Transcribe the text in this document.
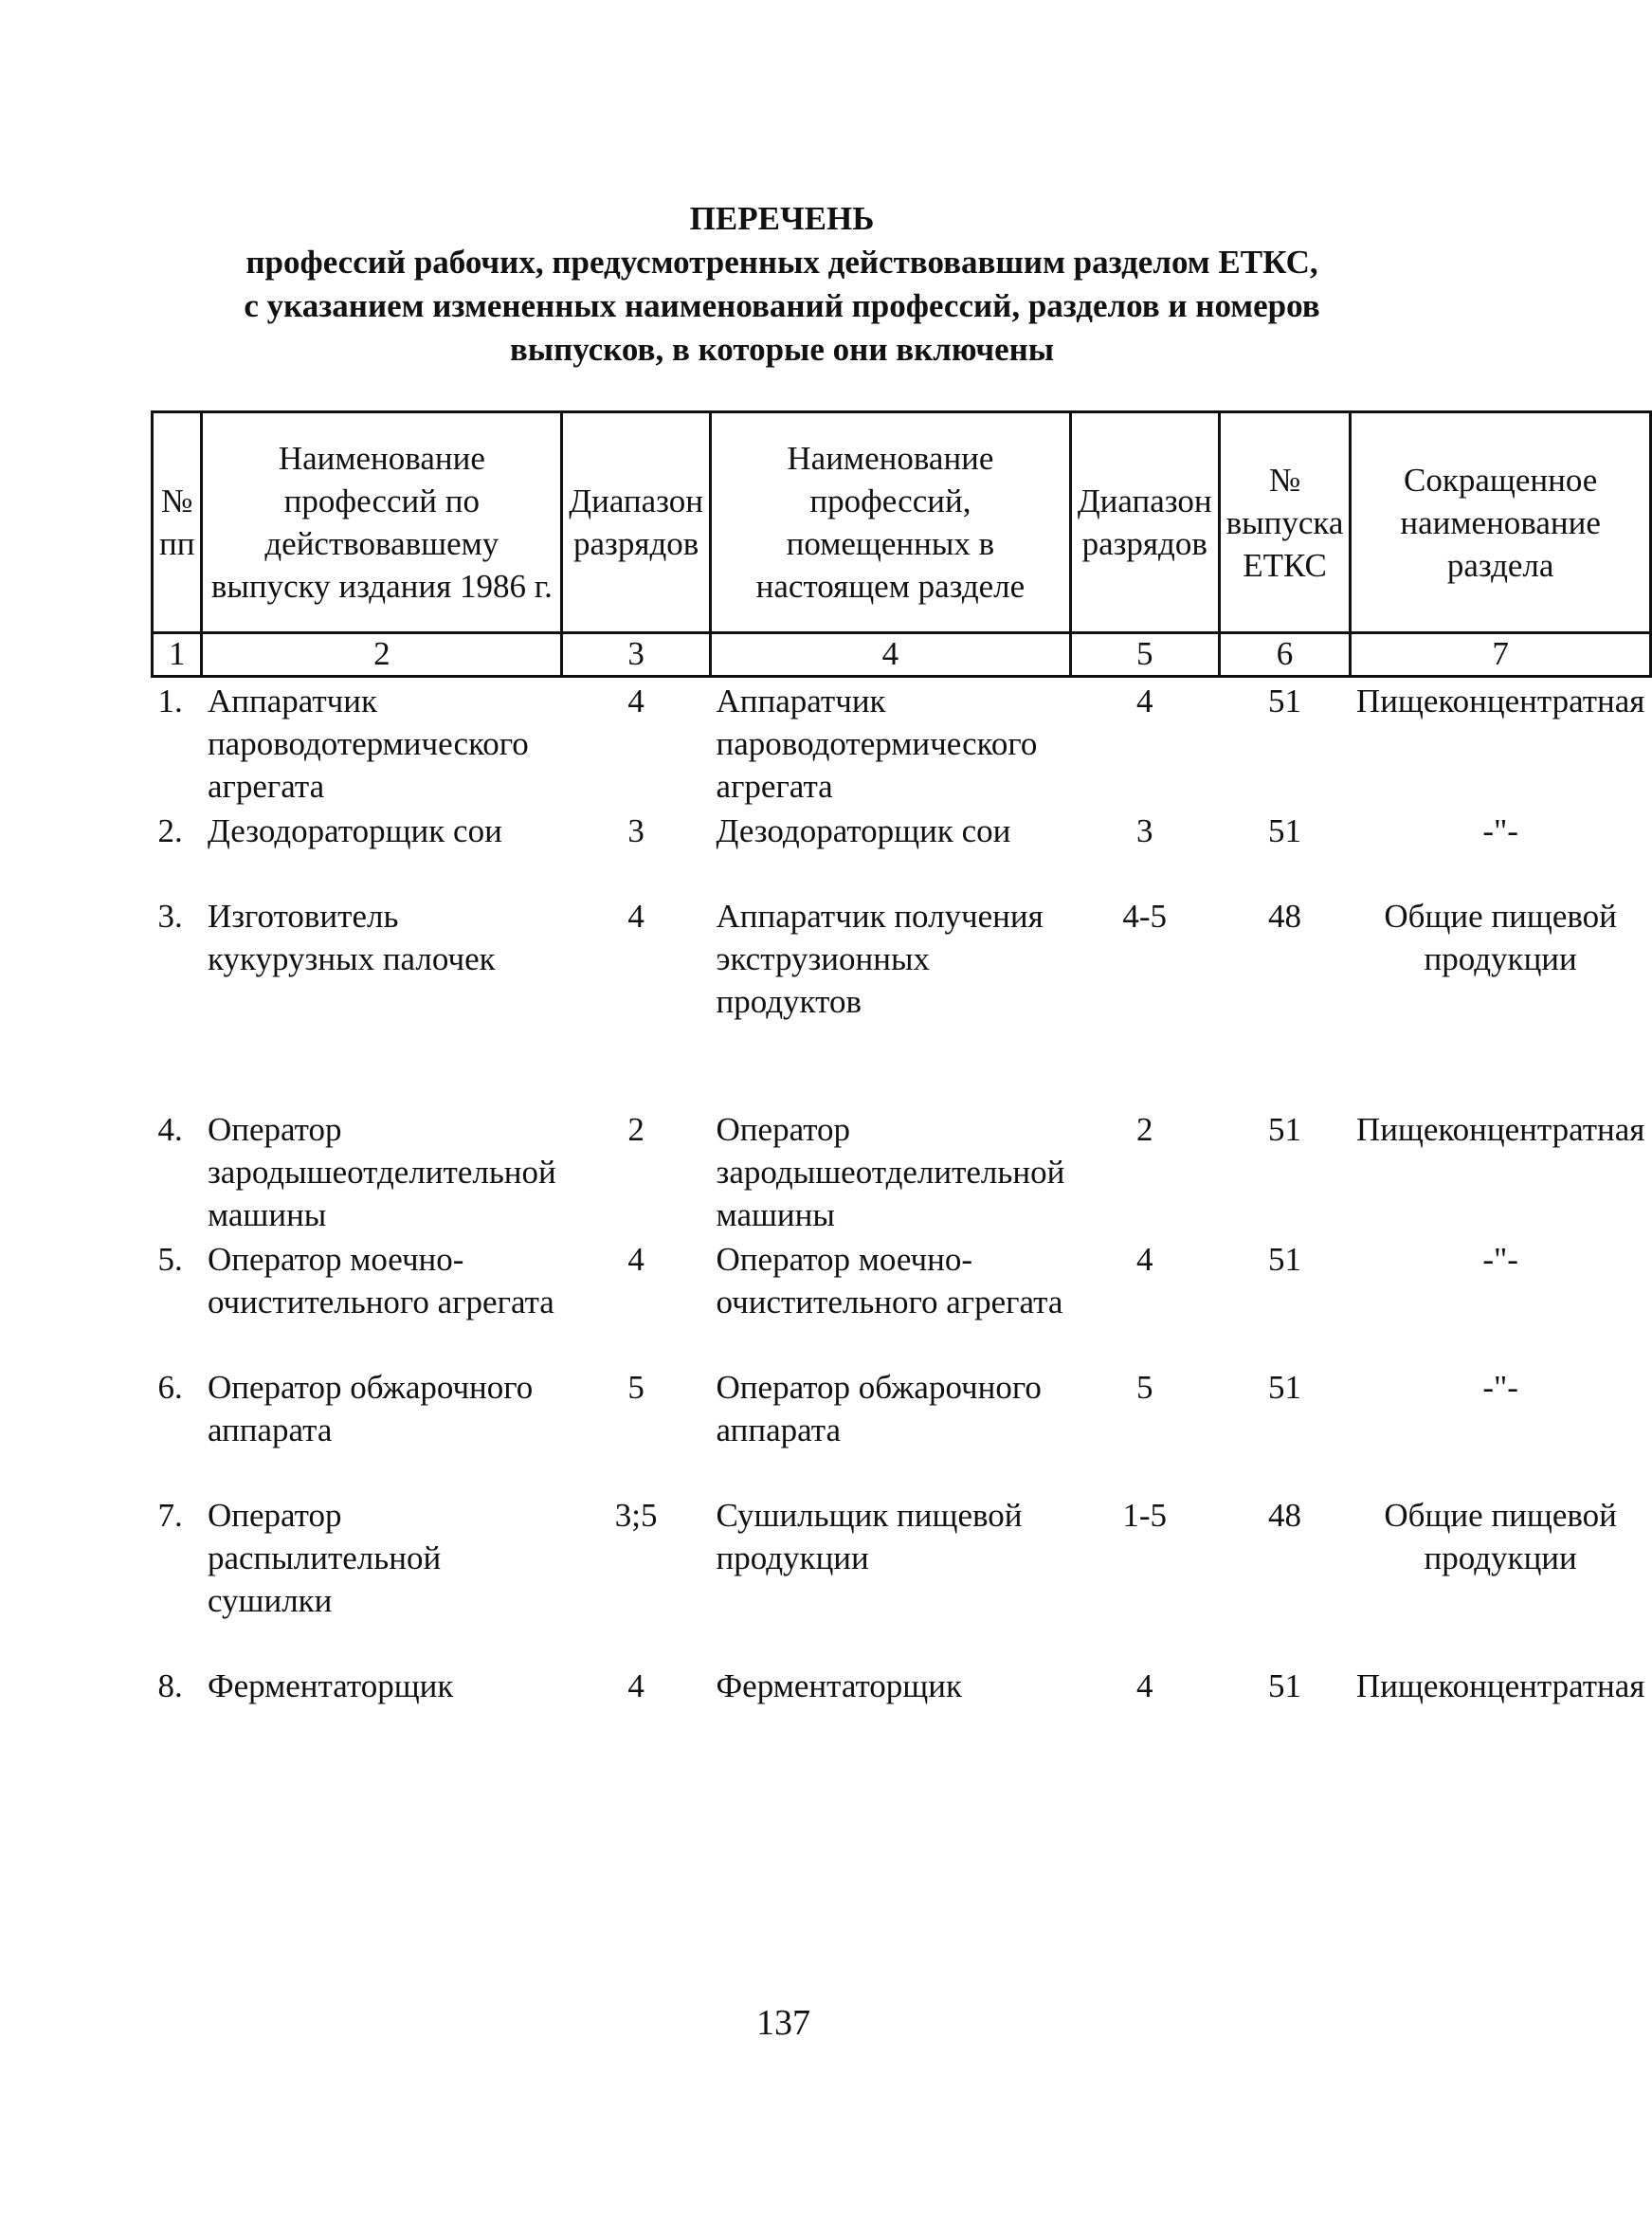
ПЕРЕЧЕНЬ
профессий рабочих, предусмотренных действовавшим разделом ЕТКС,
с указанием измененных наименований профессий, разделов и номеров
выпусков, в которые они включены
№ пп	Наименование профессий по действовавшему выпуску издания 1986 г.	Диапазон разрядов	Наименование профессий, помещенных в настоящем разделе	Диапазон разрядов	№ выпуска ЕТКС	Сокращенное наименование раздела
1	2	3	4	5	6	7
1.	Аппаратчик пароводотермического агрегата	4	Аппаратчик пароводотермического агрегата	4	51	Пищеконцентратная
2.	Дезодораторщик сои	3	Дезодораторщик сои	3	51	-"-
3.	Изготовитель кукурузных палочек	4	Аппаратчик получения экструзионных продуктов	4-5	48	Общие пищевой продукции
4.	Оператор зародышеотделительной машины	2	Оператор зародышеотделительной машины	2	51	Пищеконцентратная
5.	Оператор моечно-очистительного агрегата	4	Оператор моечно-очистительного агрегата	4	51	-"-
6.	Оператор обжарочного аппарата	5	Оператор обжарочного аппарата	5	51	-"-
7.	Оператор распылительной сушилки	3;5	Сушильщик пищевой продукции	1-5	48	Общие пищевой продукции
8.	Ферментаторщик	4	Ферментаторщик	4	51	Пищеконцентратная
137
